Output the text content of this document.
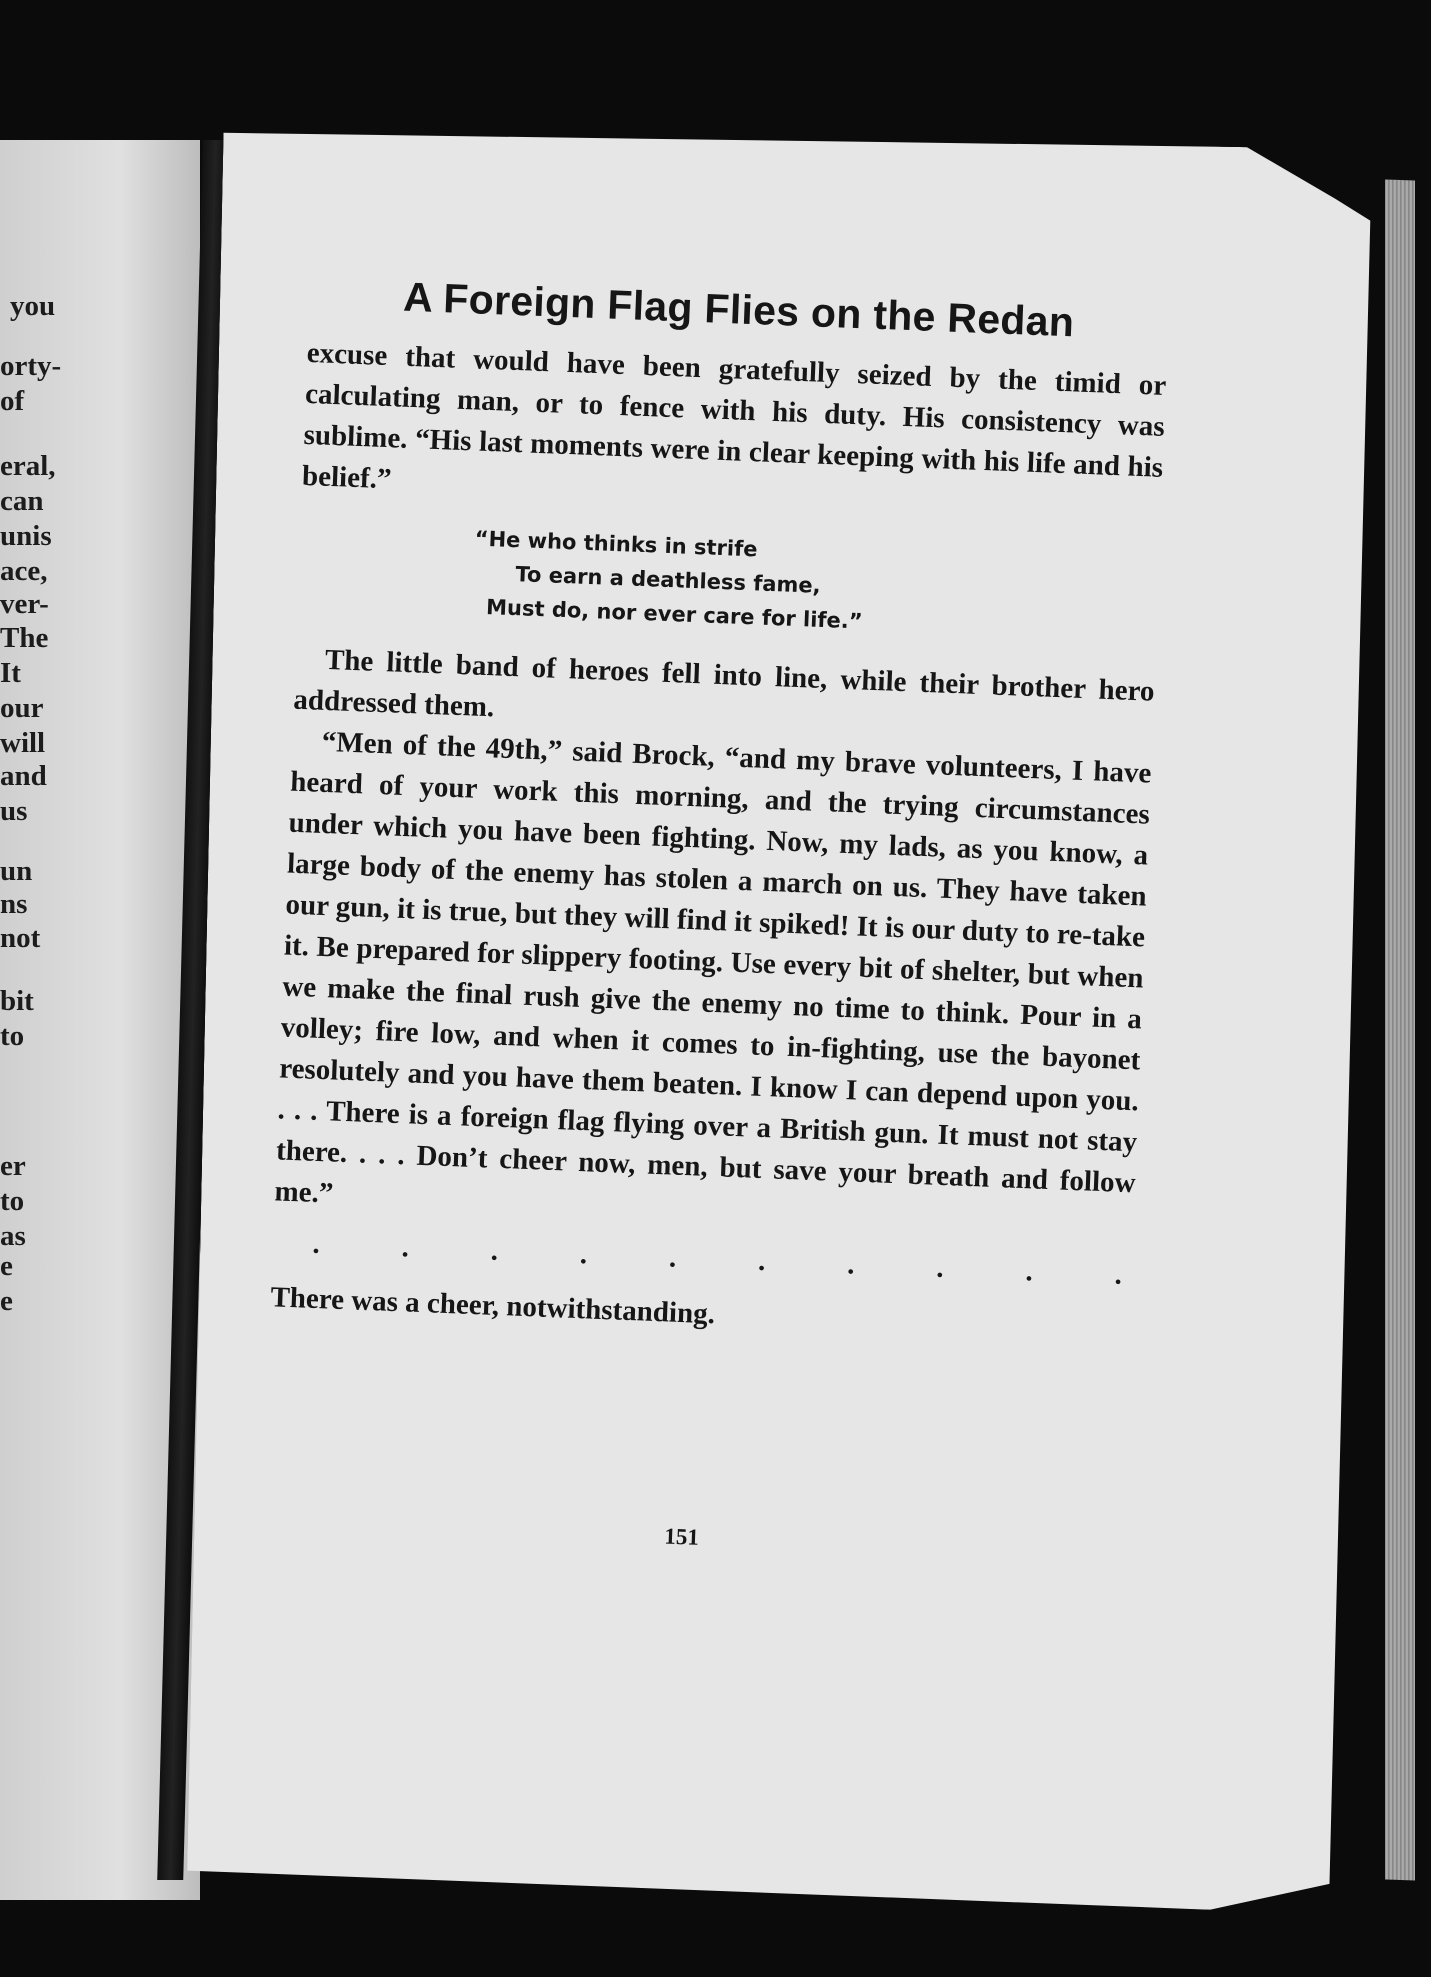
you
orty-
of
eral,
can
unis
ace,
ver-
The
It
our
will
and
us
un
ns
not
bit
to
er
to
as
e
e
A Foreign Flag Flies on the Redan

excuse that would have been gratefully seized by the timid or calculating man, or to fence with his duty. His consistency was sublime. “His last moments were in clear keeping with his life and his belief.”

“He who thinks in strife
To earn a deathless fame,
Must do, nor ever care for life.”

The little band of heroes fell into line, while their brother hero addressed them.

“Men of the 49th,” said Brock, “and my brave volunteers, I have heard of your work this morning, and the trying circumstances under which you have been fighting. Now, my lads, as you know, a large body of the enemy has stolen a march on us. They have taken our gun, it is true, but they will find it spiked! It is our duty to re-take it. Be prepared for slippery footing. Use every bit of shelter, but when we make the final rush give the enemy no time to think. Pour in a volley; fire low, and when it comes to in-fighting, use the bayonet resolutely and you have them beaten. I know I can depend upon you. . . . There is a foreign flag flying over a British gun. It must not stay there. . . . Don’t cheer now, men, but save your breath and follow me.”

.	.	.	.	.	.	.	.	.	.

There was a cheer, notwithstanding.

151
